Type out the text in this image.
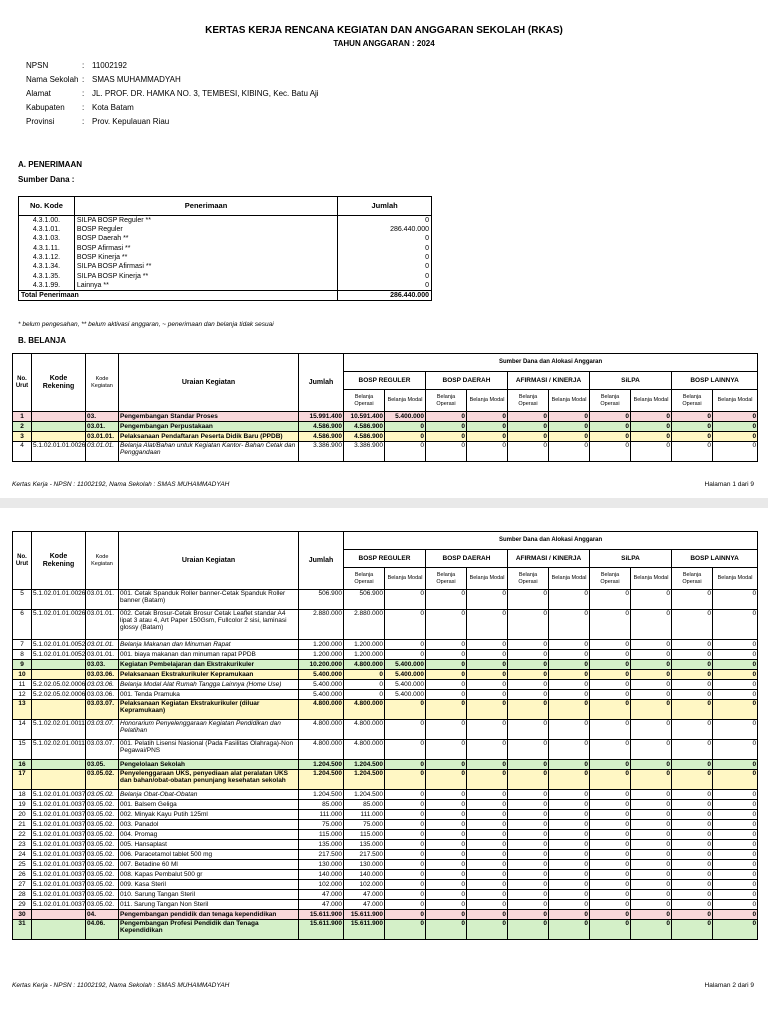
KERTAS KERJA RENCANA KEGIATAN DAN ANGGARAN SEKOLAH (RKAS)
TAHUN ANGGARAN : 2024
NPSN	: 11002192
Nama Sekolah : SMAS MUHAMMADYAH
Alamat	: JL. PROF. DR. HAMKA NO. 3, TEMBESI, KIBING, Kec. Batu Aji
Kabupaten	: Kota Batam
Provinsi	: Prov. Kepulauan Riau
A. PENERIMAAN
Sumber Dana :
No. Kode	Penerimaan	Jumlah
4.3.1.00.	SILPA BOSP Reguler **	0
4.3.1.01.	BOSP Reguler	286.440.000
4.3.1.03.	BOSP Daerah **	0
4.3.1.11.	BOSP Afirmasi **	0
4.3.1.12.	BOSP Kinerja **	0
4.3.1.34.	SILPA BOSP Afirmasi **	0
4.3.1.35.	SILPA BOSP Kinerja **	0
4.3.1.99.	Lainnya **	0
Total Penerimaan		286.440.000
* belum pengesahan, ** belum aktivasi anggaran, ~ penerimaan dan belanja tidak sesuai
B. BELANJA
No. Urut	Kode Rekening	Kode Kegiatan	Uraian Kegiatan	Jumlah	Sumber Dana dan Alokasi Anggaran									
					BOSP REGULER		BOSP DAERAH		AFIRMASI / KINERJA		SiLPA		BOSP LAINNYA	
					Belanja Operasi	Belanja Modal	Belanja Operasi	Belanja Modal	Belanja Operasi	Belanja Modal	Belanja Operasi	Belanja Modal	Belanja Operasi	Belanja Modal
1		03.	Pengembangan Standar Proses	15.991.400	10.591.400	5.400.000	0	0	0	0	0	0	0	0
2		03.01.	Pengembangan Perpustakaan	4.586.900	4.586.900	0	0	0	0	0	0	0	0	0
3		03.01.01.	Pelaksanaan Pendaftaran Peserta Didik Baru (PPDB)	4.586.900	4.586.900	0	0	0	0	0	0	0	0	0
4	5.1.02.01.01.0026	03.01.01.	Belanja Alat/Bahan untuk Kegiatan Kantor- Bahan Cetak dan Penggandaan	3.386.900	3.386.900	0	0	0	0	0	0	0	0	0
Kertas Kerja - NPSN : 11002192, Nama Sekolah : SMAS MUHAMMADYAH	Halaman 1 dari 9
No. Urut	Kode Rekening	Kode Kegiatan	Uraian Kegiatan	Jumlah	Sumber Dana dan Alokasi Anggaran									
					BOSP REGULER		BOSP DAERAH		AFIRMASI / KINERJA		SiLPA		BOSP LAINNYA	
					Belanja Operasi	Belanja Modal	Belanja Operasi	Belanja Modal	Belanja Operasi	Belanja Modal	Belanja Operasi	Belanja Modal	Belanja Operasi	Belanja Modal
5	5.1.02.01.01.0026	03.01.01.	001. Cetak Spanduk Roller banner-Cetak Spanduk Roller banner (Batam)	506.900	506.900	0	0	0	0	0	0	0	0	0
6	5.1.02.01.01.0026	03.01.01.	002. Cetak Brosur-Cetak Brosur Cetak Leaflet standar A4 lipat 3 atau 4, Art Paper 150Gsm, Fullcolor 2 sisi, laminasi glossy (Batam)	2.880.000	2.880.000	0	0	0	0	0	0	0	0	0
7	5.1.02.01.01.0052	03.01.01.	Belanja Makanan dan Minuman Rapat	1.200.000	1.200.000	0	0	0	0	0	0	0	0	0
8	5.1.02.01.01.0052	03.01.01.	001. biaya makanan dan minuman rapat PPDB	1.200.000	1.200.000	0	0	0	0	0	0	0	0	0
9		03.03.	Kegiatan Pembelajaran dan Ekstrakurikuler	10.200.000	4.800.000	5.400.000	0	0	0	0	0	0	0	0
10		03.03.06.	Pelaksanaan Ekstrakurikuler Kepramukaan	5.400.000	0	5.400.000	0	0	0	0	0	0	0	0
11	5.2.02.05.02.0006	03.03.06.	Belanja Modal Alat Rumah Tangga Lainnya (Home Use)	5.400.000	0	5.400.000	0	0	0	0	0	0	0	0
12	5.2.02.05.02.0006	03.03.06.	001. Tenda Pramuka	5.400.000	0	5.400.000	0	0	0	0	0	0	0	0
13		03.03.07.	Pelaksanaan Kegiatan Ekstrakurikuler (diluar Kepramukaan)	4.800.000	4.800.000	0	0	0	0	0	0	0	0	0
14	5.1.02.02.01.0011	03.03.07.	Honorarium Penyelenggaraan Kegiatan Pendidikan dan Pelatihan	4.800.000	4.800.000	0	0	0	0	0	0	0	0	0
15	5.1.02.02.01.0011	03.03.07.	001. Pelatih Lisensi Nasional (Pada Fasilitas Olahraga)-Non Pegawai/PNS	4.800.000	4.800.000	0	0	0	0	0	0	0	0	0
16		03.05.	Pengelolaan Sekolah	1.204.500	1.204.500	0	0	0	0	0	0	0	0	0
17		03.05.02.	Penyelenggaraan UKS, penyediaan alat peralatan UKS dan bahan/obat-obatan penunjang kesehatan sekolah	1.204.500	1.204.500	0	0	0	0	0	0	0	0	0
18	5.1.02.01.01.0037	03.05.02.	Belanja Obat-Obat-Obatan	1.204.500	1.204.500	0	0	0	0	0	0	0	0	0
19	5.1.02.01.01.0037	03.05.02.	001. Balsem Geliga	85.000	85.000	0	0	0	0	0	0	0	0	0
20	5.1.02.01.01.0037	03.05.02.	002. Minyak Kayu Putih 125ml	111.000	111.000	0	0	0	0	0	0	0	0	0
21	5.1.02.01.01.0037	03.05.02.	003. Panadol	75.000	75.000	0	0	0	0	0	0	0	0	0
22	5.1.02.01.01.0037	03.05.02.	004. Promag	115.000	115.000	0	0	0	0	0	0	0	0	0
23	5.1.02.01.01.0037	03.05.02.	005. Hansaplast	135.000	135.000	0	0	0	0	0	0	0	0	0
24	5.1.02.01.01.0037	03.05.02.	006. Paracetamol tablet 500 mg	217.500	217.500	0	0	0	0	0	0	0	0	0
25	5.1.02.01.01.0037	03.05.02.	007. Betadine 60 Ml	130.000	130.000	0	0	0	0	0	0	0	0	0
26	5.1.02.01.01.0037	03.05.02.	008. Kapas Pembalut 500 gr	140.000	140.000	0	0	0	0	0	0	0	0	0
27	5.1.02.01.01.0037	03.05.02.	009. Kasa Steril	102.000	102.000	0	0	0	0	0	0	0	0	0
28	5.1.02.01.01.0037	03.05.02.	010. Sarung Tangan Steril	47.000	47.000	0	0	0	0	0	0	0	0	0
29	5.1.02.01.01.0037	03.05.02.	011. Sarung Tangan Non Steril	47.000	47.000	0	0	0	0	0	0	0	0	0
30		04.	Pengembangan pendidik dan tenaga kependidikan	15.611.900	15.611.900	0	0	0	0	0	0	0	0	0
31		04.06.	Pengembangan Profesi Pendidik dan Tenaga Kependidikan	15.611.900	15.611.900	0	0	0	0	0	0	0	0	0
Kertas Kerja - NPSN : 11002192, Nama Sekolah : SMAS MUHAMMADYAH	Halaman 2 dari 9
